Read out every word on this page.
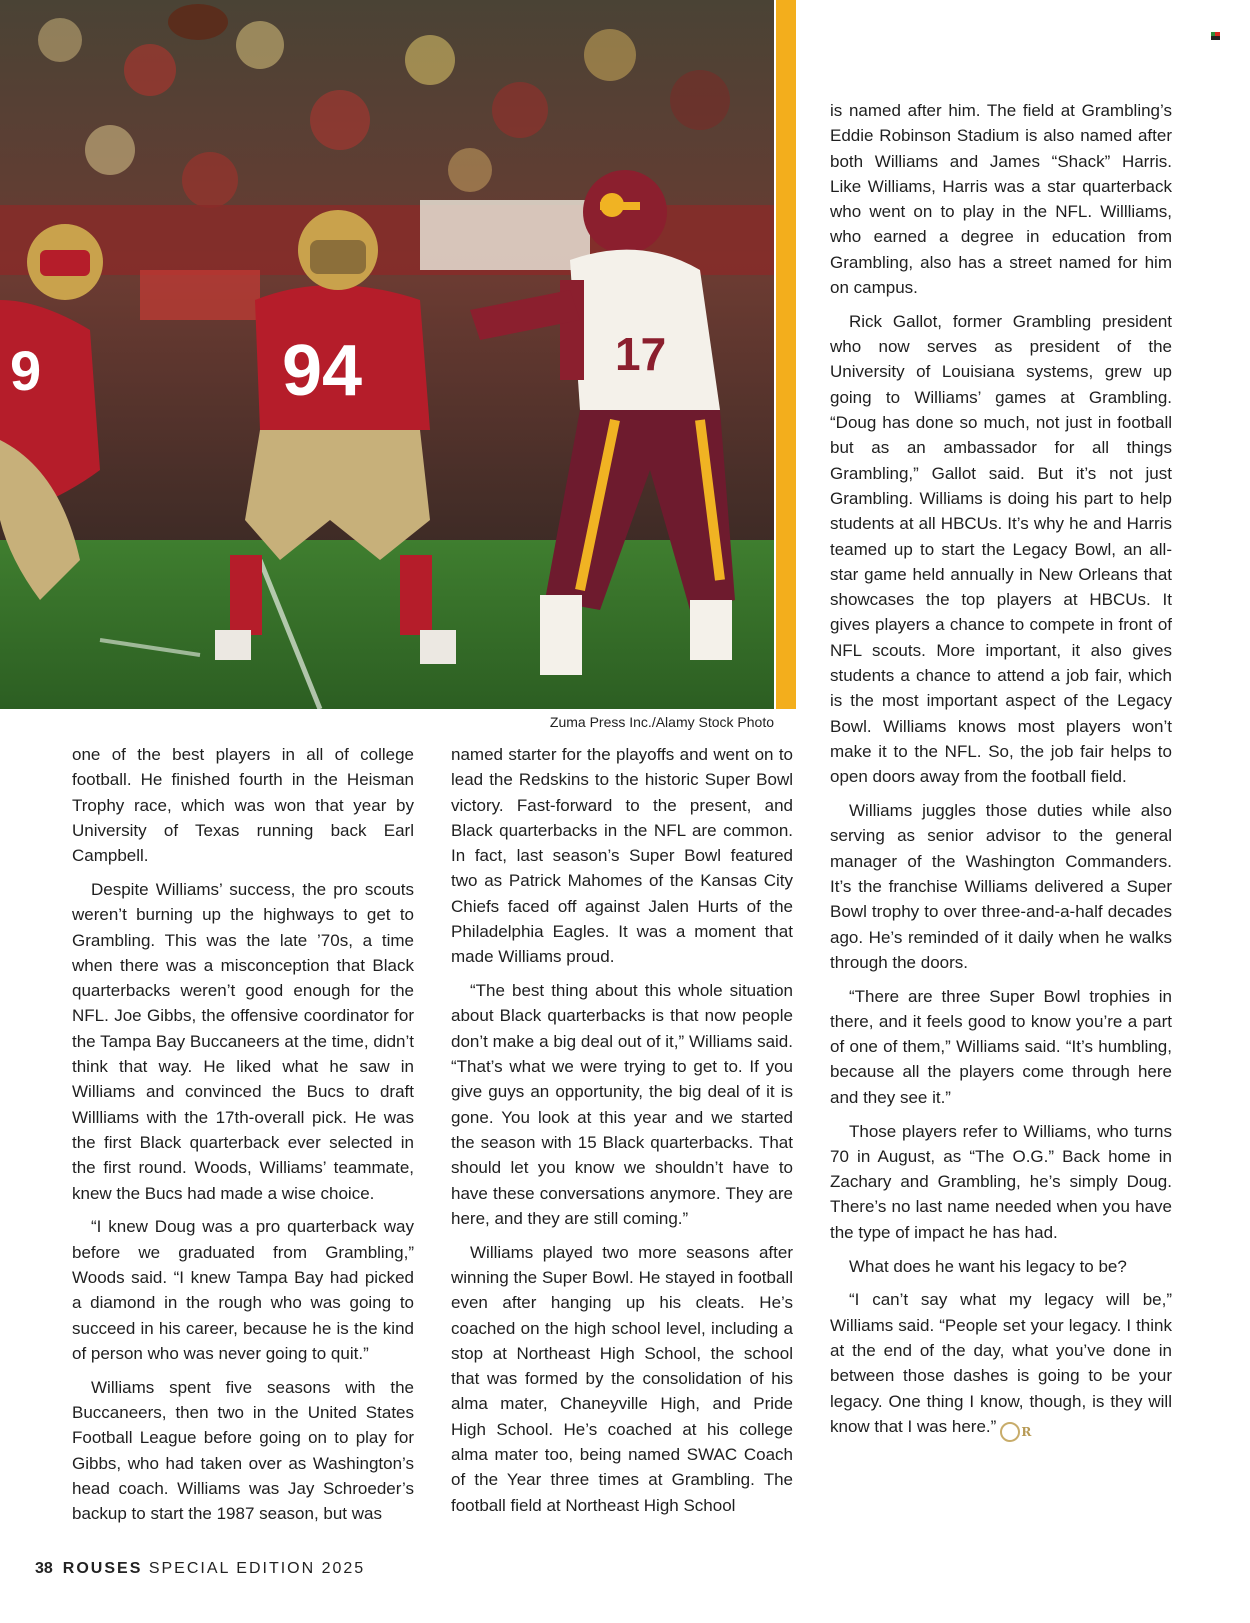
9	94	17
Zuma Press Inc./Alamy Stock Photo

one of the best players in all of college football. He finished fourth in the Heisman Trophy race, which was won that year by University of Texas running back Earl Campbell.

Despite Williams’ success, the pro scouts weren’t burning up the highways to get to Grambling. This was the late ’70s, a time when there was a misconception that Black quarterbacks weren’t good enough for the NFL. Joe Gibbs, the offensive coordinator for the Tampa Bay Buccaneers at the time, didn’t think that way. He liked what he saw in Williams and convinced the Bucs to draft Willliams with the 17th-overall pick. He was the first Black quarterback ever selected in the first round. Woods, Williams’ teammate, knew the Bucs had made a wise choice.

“I knew Doug was a pro quarterback way before we graduated from Grambling,” Woods said. “I knew Tampa Bay had picked a diamond in the rough who was going to succeed in his career, because he is the kind of person who was never going to quit.”

Williams spent five seasons with the Buccaneers, then two in the United States Football League before going on to play for Gibbs, who had taken over as Washington’s head coach. Williams was Jay Schroeder’s backup to start the 1987 season, but was

named starter for the playoffs and went on to lead the Redskins to the historic Super Bowl victory. Fast-forward to the present, and Black quarterbacks in the NFL are common. In fact, last season’s Super Bowl featured two as Patrick Mahomes of the Kansas City Chiefs faced off against Jalen Hurts of the Philadelphia Eagles. It was a moment that made Williams proud.

“The best thing about this whole situation about Black quarterbacks is that now people don’t make a big deal out of it,” Williams said. “That’s what we were trying to get to. If you give guys an opportunity, the big deal of it is gone. You look at this year and we started the season with 15 Black quarterbacks. That should let you know we shouldn’t have to have these conversations anymore. They are here, and they are still coming.”

Williams played two more seasons after winning the Super Bowl. He stayed in football even after hanging up his cleats. He’s coached on the high school level, including a stop at Northeast High School, the school that was formed by the consolidation of his alma mater, Chaneyville High, and Pride High School. He’s coached at his college alma mater too, being named SWAC Coach of the Year three times at Grambling. The football field at Northeast High School

is named after him. The field at Grambling’s Eddie Robinson Stadium is also named after both Williams and James “Shack” Harris. Like Williams, Harris was a star quarterback who went on to play in the NFL. Willliams, who earned a degree in education from Grambling, also has a street named for him on campus.

Rick Gallot, former Grambling president who now serves as president of the University of Louisiana systems, grew up going to Williams’ games at Grambling. “Doug has done so much, not just in football but as an ambassador for all things Grambling,” Gallot said. But it’s not just Grambling. Williams is doing his part to help students at all HBCUs. It’s why he and Harris teamed up to start the Legacy Bowl, an all-star game held annually in New Orleans that showcases the top players at HBCUs. It gives players a chance to compete in front of NFL scouts. More important, it also gives students a chance to attend a job fair, which is the most important aspect of the Legacy Bowl. Williams knows most players won’t make it to the NFL. So, the job fair helps to open doors away from the football field.

Williams juggles those duties while also serving as senior advisor to the general manager of the Washington Commanders. It’s the franchise Williams delivered a Super Bowl trophy to over three-and-a-half decades ago. He’s reminded of it daily when he walks through the doors.

“There are three Super Bowl trophies in there, and it feels good to know you’re a part of one of them,” Williams said. “It’s humbling, because all the players come through here and they see it.”

Those players refer to Williams, who turns 70 in August, as “The O.G.” Back home in Zachary and Grambling, he’s simply Doug. There’s no last name needed when you have the type of impact he has had.

What does he want his legacy to be?

“I can’t say what my legacy will be,” Williams said. “People set your legacy. I think at the end of the day, what you’ve done in between those dashes is going to be your legacy. One thing I know, though, is they will know that I was here.” R

38 ROUSES SPECIAL EDITION 2025
